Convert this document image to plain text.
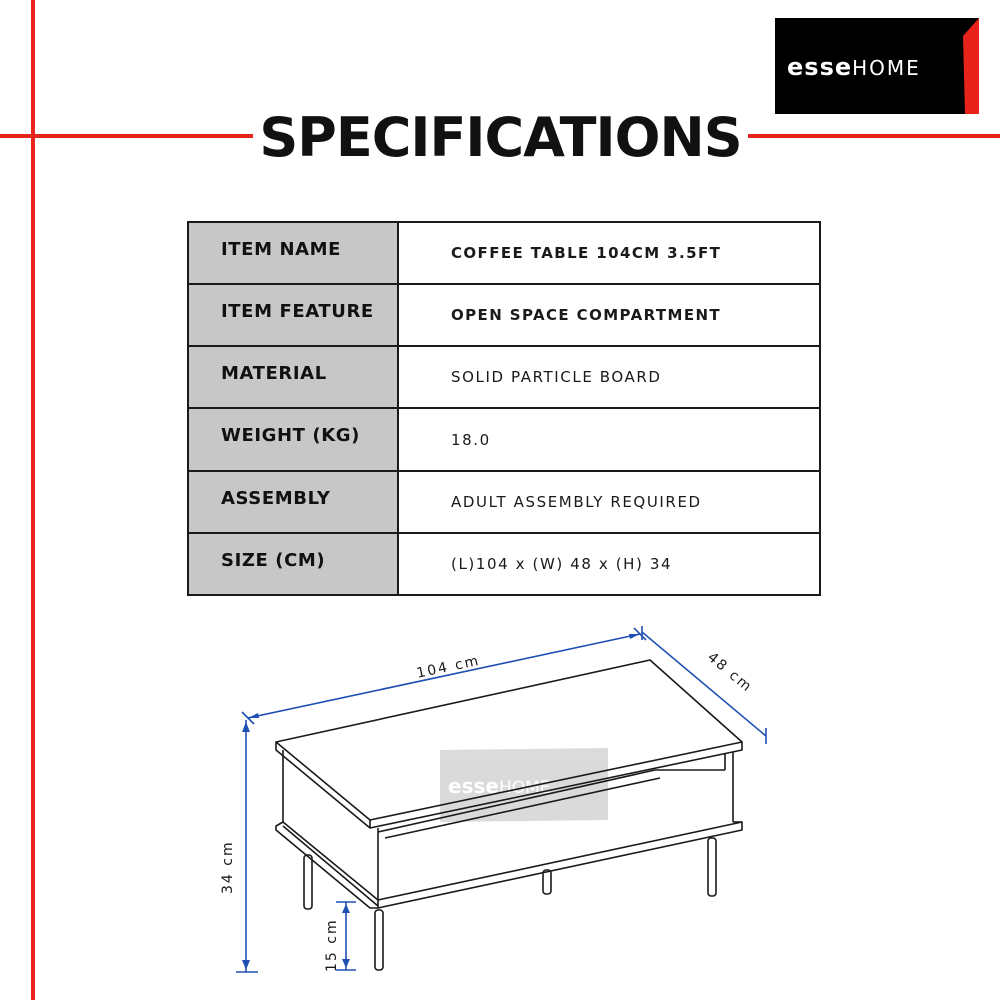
esseHOME
SPECIFICATIONS
ITEM NAME	COFFEE TABLE 104CM 3.5FT
ITEM FEATURE	OPEN SPACE COMPARTMENT
MATERIAL	SOLID PARTICLE BOARD
WEIGHT (KG)	18.0
ASSEMBLY	ADULT ASSEMBLY REQUIRED
SIZE (CM)	(L)104 x (W) 48 x (H) 34
esseHOME
104 cm	48 cm
34 cm
15 cm
